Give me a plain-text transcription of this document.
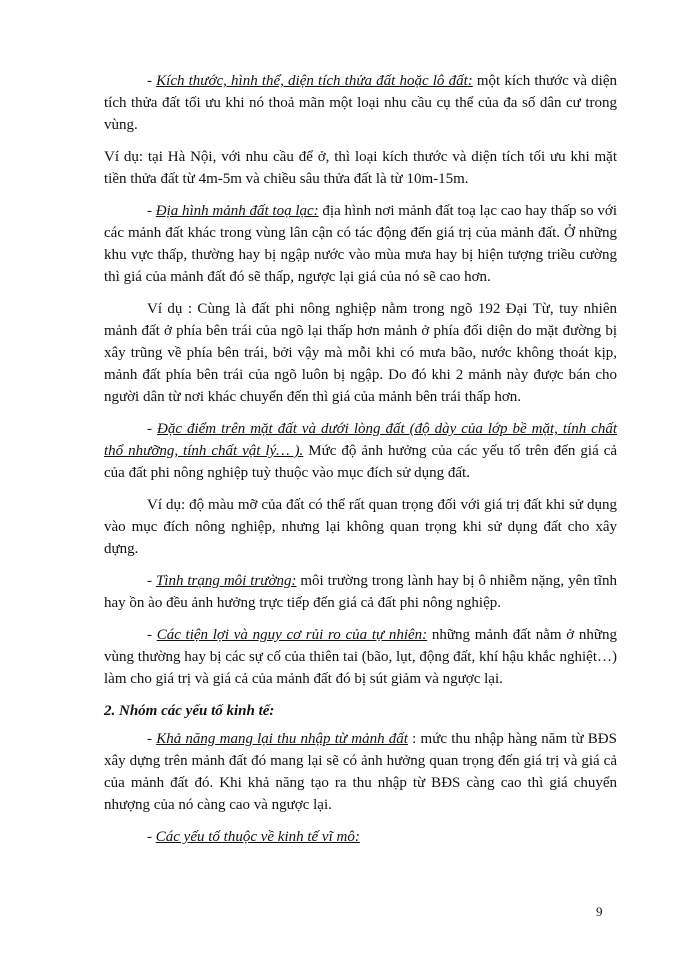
- Kích thước, hình thể, diện tích thửa đất hoặc lô đất: một kích thước và diện tích thửa đất tối ưu khi nó thoả mãn một loại nhu cầu cụ thể của đa số dân cư trong vùng.

Ví dụ: tại Hà Nội, với nhu cầu để ở, thì loại kích thước và diện tích tối ưu khi mặt tiền thửa đất từ 4m-5m và chiều sâu thửa đất là từ 10m-15m.

- Địa hình mảnh đất toạ lạc: địa hình nơi mảnh đất toạ lạc cao hay thấp so với các mảnh đất khác trong vùng lân cận có tác động đến giá trị của mảnh đất. Ở những khu vực thấp, thường hay bị ngập nước vào mùa mưa hay bị hiện tượng triều cường thì giá của mảnh đất đó sẽ thấp, ngược lại giá của nó sẽ cao hơn.

Ví dụ : Cùng là đất phi nông nghiệp nằm trong ngõ 192 Đại Từ, tuy nhiên mảnh đất ở phía bên trái của ngõ lại thấp hơn mảnh ở phía đối diện do mặt đường bị xây trũng về phía bên trái, bởi vậy mà mỗi khi có mưa bão, nước không thoát kịp, mảnh đất phía bên trái của ngõ luôn bị ngập. Do đó khi 2 mảnh này được bán cho người dân từ nơi khác chuyển đến thì giá của mảnh bên trái thấp hơn.

- Đặc điểm trên mặt đất và dưới lòng đất (độ dày của lớp bề mặt, tính chất thổ nhưỡng, tính chất vật lý… ). Mức độ ảnh hưởng của các yếu tố trên đến giá cả của đất phi nông nghiệp tuỳ thuộc vào mục đích sử dụng đất.

Ví dụ: độ màu mỡ của đất có thể rất quan trọng đối với giá trị đất khi sử dụng vào mục đích nông nghiệp, nhưng lại không quan trọng khi sử dụng đất cho xây dựng.

- Tình trạng môi trường: môi trường trong lành hay bị ô nhiễm nặng, yên tĩnh hay ồn ào đều ảnh hưởng trực tiếp đến giá cả đất phi nông nghiệp.

- Các tiện lợi và nguy cơ rủi ro của tự nhiên: những mảnh đất nằm ở những vùng thường hay bị các sự cố của thiên tai (bão, lụt, động đất, khí hậu khắc nghiệt…) làm cho giá trị và giá cả của mảnh đất đó bị sút giảm và ngược lại.

2. Nhóm các yếu tố kinh tế:

- Khả năng mang lại thu nhập từ mảnh đất : mức thu nhập hàng năm từ BĐS xây dựng trên mảnh đất đó mang lại sẽ có ảnh hưởng quan trọng đến giá trị và giá cả của mảnh đất đó. Khi khả năng tạo ra thu nhập từ BĐS càng cao thì giá chuyển nhượng của nó càng cao và ngược lại.

- Các yếu tố thuộc về kinh tế vĩ mô:

9
